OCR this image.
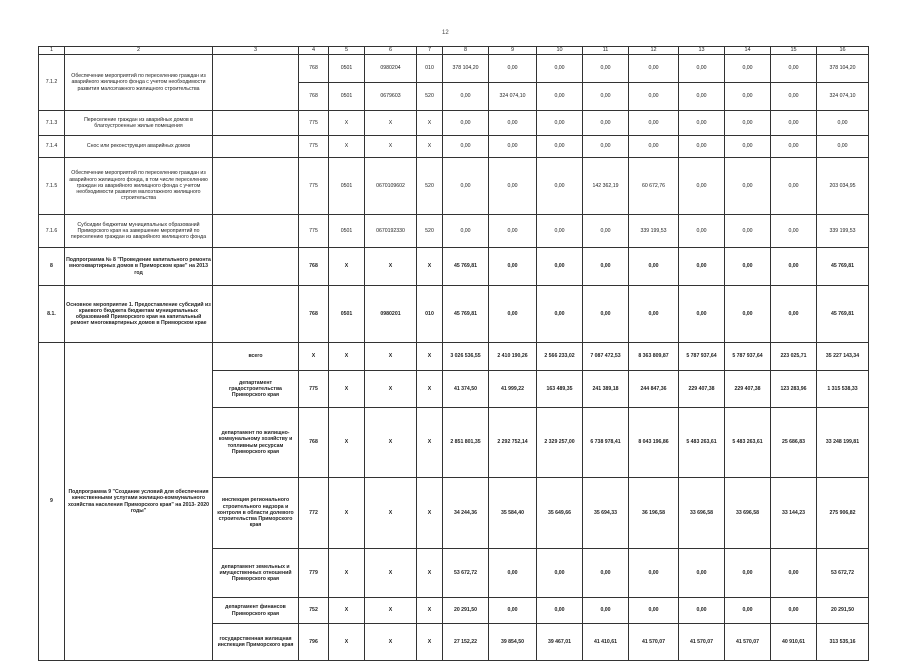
12
1	2	3	4	5	6	7	8	9	10	11	12	13	14	15	16
7.1.2	Обеспечение мероприятий по переселению граждан из аварийного жилищного фонда с учетом необходимости развития малоэтажного жилищного строительства		768	0501	0980204	010	378 104,20	0,00	0,00	0,00	0,00	0,00	0,00	0,00	378 104,20
			768	0501	0679603	520	0,00	324 074,10	0,00	0,00	0,00	0,00	0,00	0,00	324 074,10
7.1.3	Переселение граждан из аварийных домов в благоустроенные жилые помещения		775	X	X	X	0,00	0,00	0,00	0,00	0,00	0,00	0,00	0,00	0,00
7.1.4	Снос или реконструкция аварийных домов		775	X	X	X	0,00	0,00	0,00	0,00	0,00	0,00	0,00	0,00	0,00
7.1.5	Обеспечение мероприятий по переселению граждан из аварийного жилищного фонда, в том числе переселению граждан из аварийного жилищного фонда с учетом необходимости развития малоэтажного жилищного строительства		775	0501	0670109602	520	0,00	0,00	0,00	142 362,19	60 672,76	0,00	0,00	0,00	203 034,95
7.1.6	Субсидии бюджетам муниципальных образований Приморского края на завершение мероприятий по переселению граждан из аварийного жилищного фонда		775	0501	0670192330	520	0,00	0,00	0,00	0,00	339 199,53	0,00	0,00	0,00	339 199,53
8	Подпрограмма № 8 "Проведение капитального ремонта многоквартирных домов в Приморском крае" на 2013 год		768	X	X	X	45 769,81	0,00	0,00	0,00	0,00	0,00	0,00	0,00	45 769,81
8.1.	Основное мероприятие 1. Предоставление субсидий из краевого бюджета бюджетам муниципальных образований Приморского края на капитальный ремонт многоквартирных домов в Приморском крае		768	0501	0980201	010	45 769,81	0,00	0,00	0,00	0,00	0,00	0,00	0,00	45 769,81
9	Подпрограмма 9 "Создание условий для обеспечения качественными услугами жилищно-коммунального хозяйства населения Приморского края" на 2013- 2020 годы"	всего	X	X	X	X	3 026 536,55	2 410 190,26	2 566 233,02	7 087 472,53	8 363 809,87	5 787 937,64	5 787 937,64	223 025,71	35 227 143,34
		департамент градостроительства Приморского края	775	X	X	X	41 374,50	41 999,22	163 489,35	241 389,18	244 847,36	229 407,38	229 407,38	123 283,96	1 315 538,33
		департамент по жилищно-коммунальному хозяйству и топливным ресурсам Приморского края	768	X	X	X	2 851 801,35	2 292 752,14	2 329 257,00	6 738 978,41	8 043 196,86	5 483 263,61	5 483 263,61	25 686,83	33 248 199,81
		инспекция регионального строительного надзора и контроля в области долевого строительства Приморского края	772	X	X	X	34 244,36	35 584,40	35 649,66	35 694,33	36 196,58	33 696,58	33 696,58	33 144,23	275 906,82
		департамент земельных и имущественных отношений Приморского края	779	X	X	X	53 672,72	0,00	0,00	0,00	0,00	0,00	0,00	0,00	53 672,72
		департамент финансов Приморского края	752	X	X	X	20 291,50	0,00	0,00	0,00	0,00	0,00	0,00	0,00	20 291,50
		государственная жилищная инспекция Приморского края	796	X	X	X	27 152,22	39 854,50	39 467,01	41 410,61	41 570,07	41 570,07	41 570,07	40 910,61	313 535,16
